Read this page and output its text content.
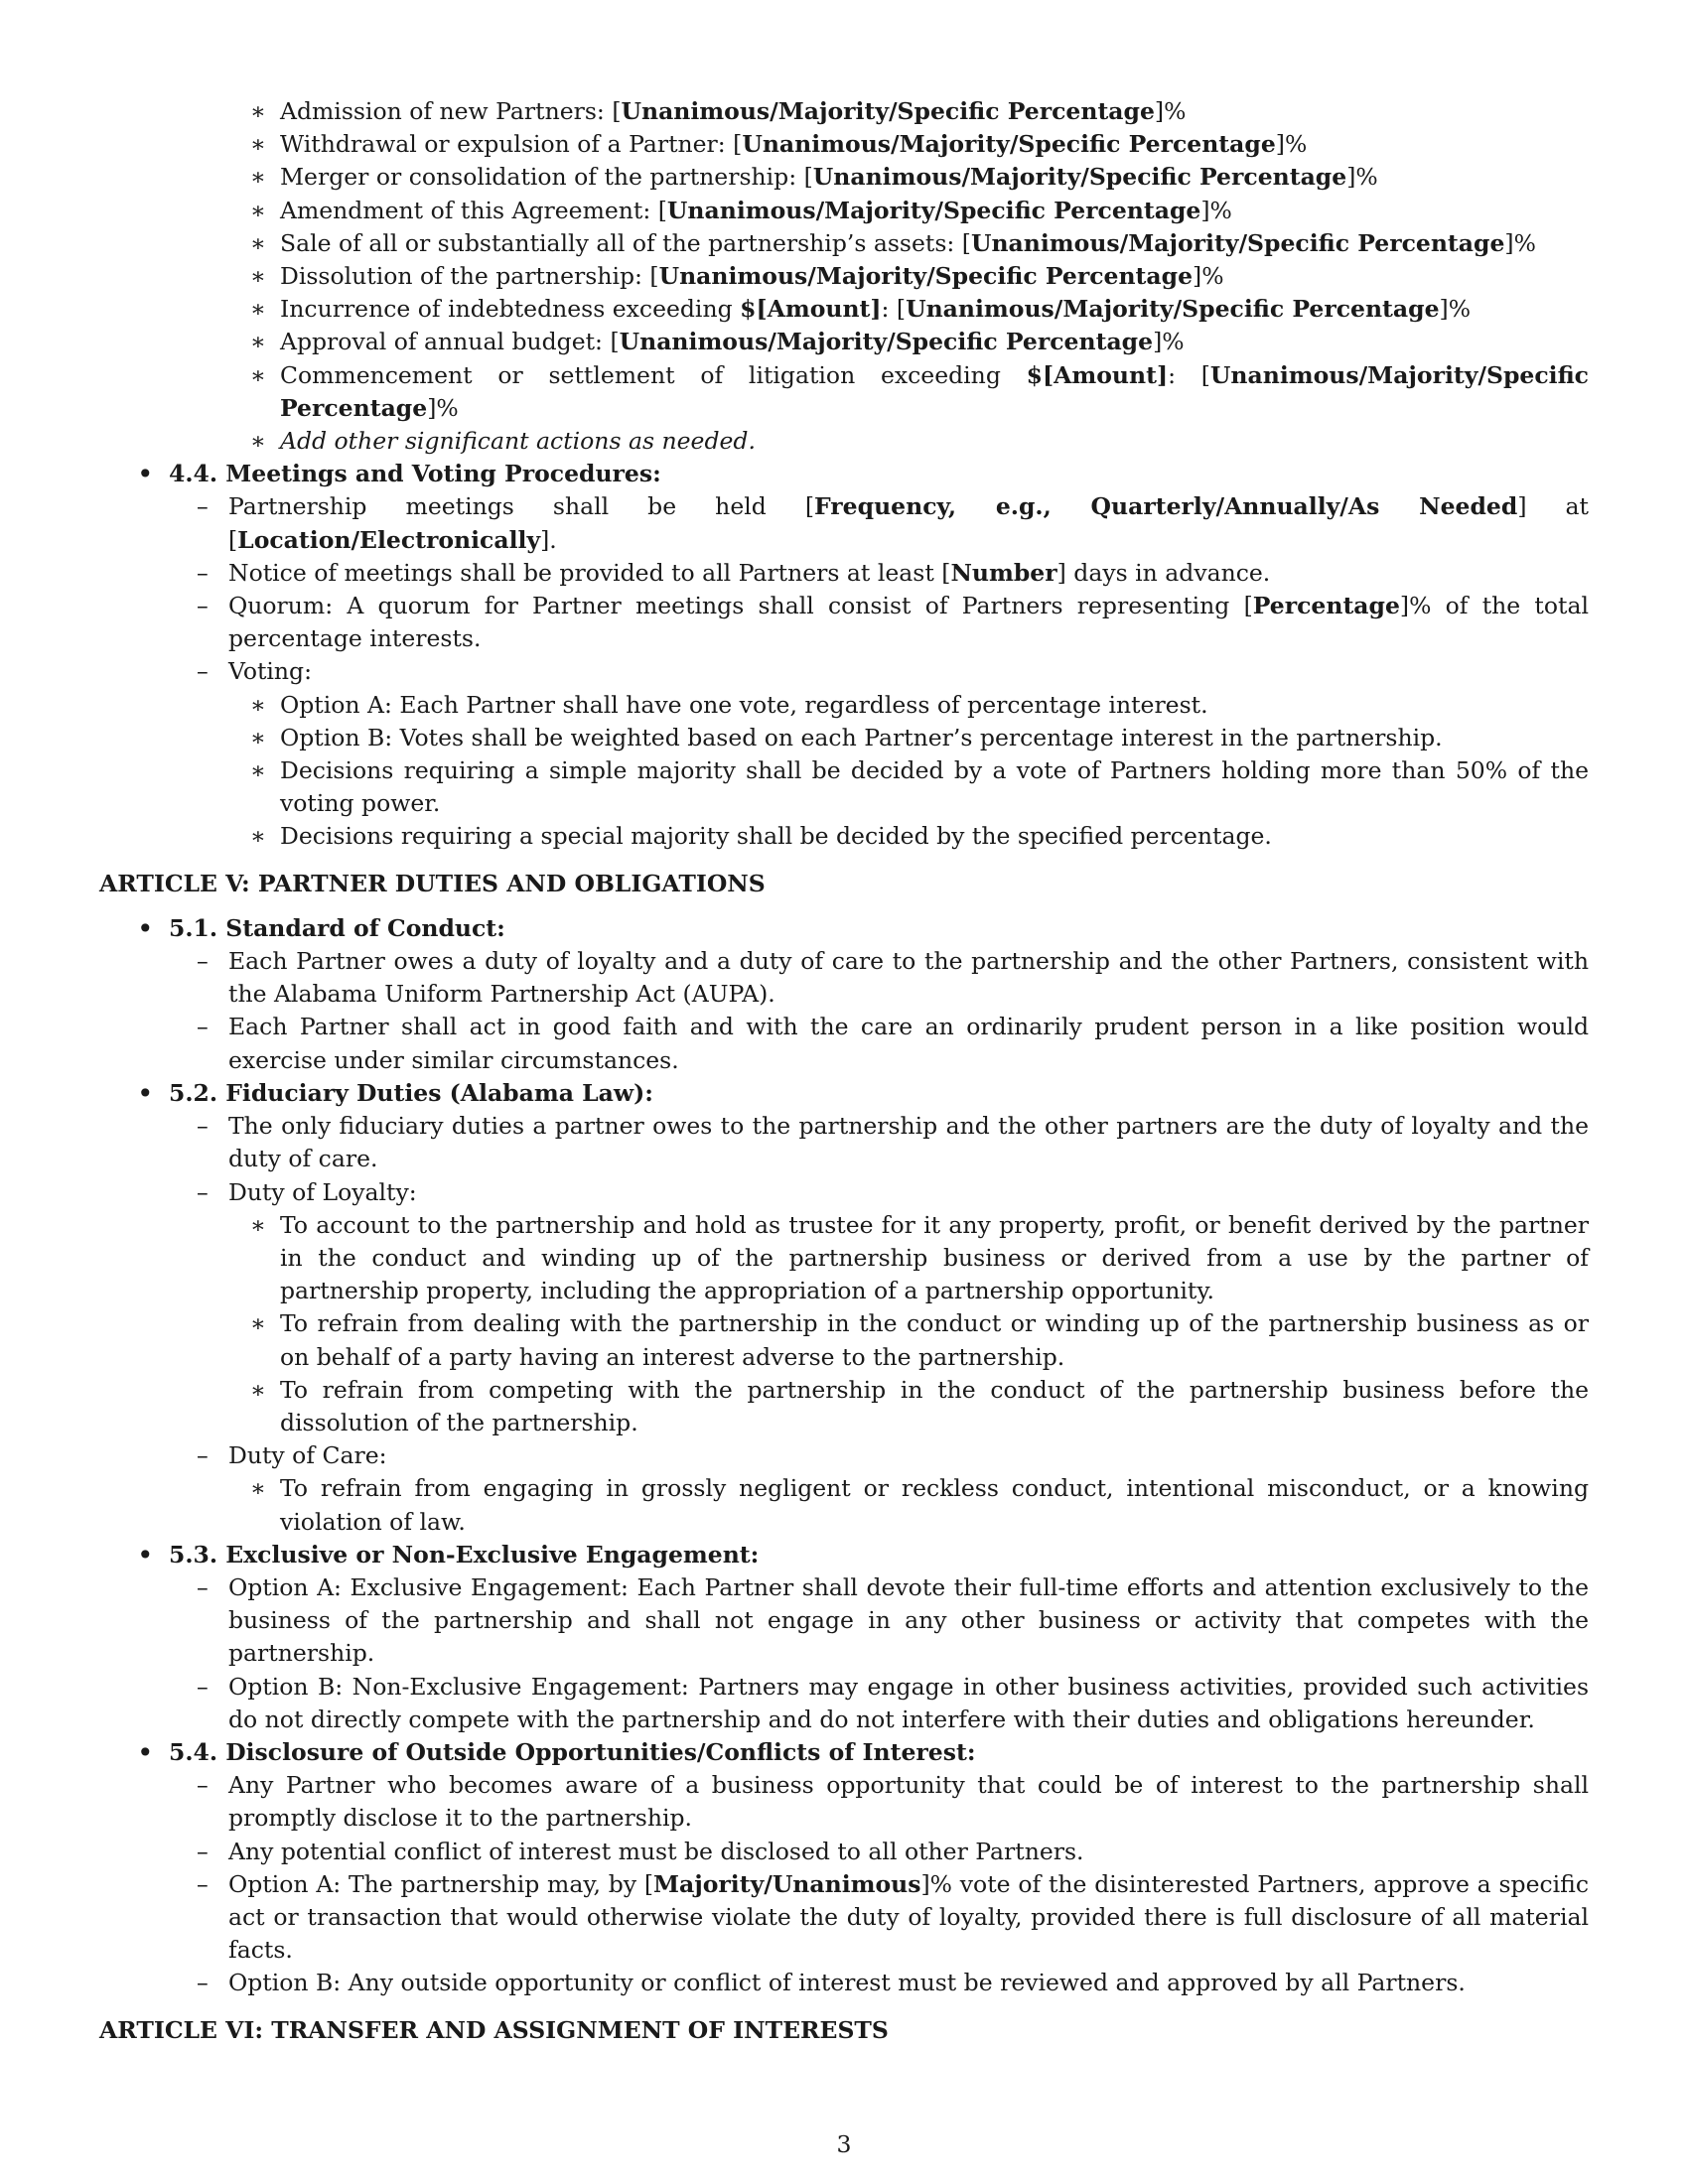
∗ Admission of new Partners: [Unanimous/Majority/Specific Percentage]%
∗ Withdrawal or expulsion of a Partner: [Unanimous/Majority/Specific Percentage]%
∗ Merger or consolidation of the partnership: [Unanimous/Majority/Specific Percentage]%
∗ Amendment of this Agreement: [Unanimous/Majority/Specific Percentage]%
∗ Sale of all or substantially all of the partnership’s assets: [Unanimous/Majority/Specific Percentage]%
∗ Dissolution of the partnership: [Unanimous/Majority/Specific Percentage]%
∗ Incurrence of indebtedness exceeding $[Amount]: [Unanimous/Majority/Specific Percentage]%
∗ Approval of annual budget: [Unanimous/Majority/Specific Percentage]%
∗ Commencement or settlement of litigation exceeding $[Amount]: [Unanimous/Majority/Specific Percentage]%
∗ Add other significant actions as needed.
• 4.4. Meetings and Voting Procedures:
– Partnership meetings shall be held [Frequency, e.g., Quarterly/Annually/As Needed] at [Location/Electronically].
– Notice of meetings shall be provided to all Partners at least [Number] days in advance.
– Quorum: A quorum for Partner meetings shall consist of Partners representing [Percentage]% of the total percentage interests.
– Voting:
∗ Option A: Each Partner shall have one vote, regardless of percentage interest.
∗ Option B: Votes shall be weighted based on each Partner’s percentage interest in the partnership.
∗ Decisions requiring a simple majority shall be decided by a vote of Partners holding more than 50% of the voting power.
∗ Decisions requiring a special majority shall be decided by the specified percentage.
ARTICLE V: PARTNER DUTIES AND OBLIGATIONS
• 5.1. Standard of Conduct:
– Each Partner owes a duty of loyalty and a duty of care to the partnership and the other Partners, consistent with the Alabama Uniform Partnership Act (AUPA).
– Each Partner shall act in good faith and with the care an ordinarily prudent person in a like position would exercise under similar circumstances.
• 5.2. Fiduciary Duties (Alabama Law):
– The only fiduciary duties a partner owes to the partnership and the other partners are the duty of loyalty and the duty of care.
– Duty of Loyalty:
∗ To account to the partnership and hold as trustee for it any property, profit, or benefit derived by the partner in the conduct and winding up of the partnership business or derived from a use by the partner of partnership property, including the appropriation of a partnership opportunity.
∗ To refrain from dealing with the partnership in the conduct or winding up of the partnership business as or on behalf of a party having an interest adverse to the partnership.
∗ To refrain from competing with the partnership in the conduct of the partnership business before the dissolution of the partnership.
– Duty of Care:
∗ To refrain from engaging in grossly negligent or reckless conduct, intentional misconduct, or a knowing violation of law.
• 5.3. Exclusive or Non-Exclusive Engagement:
– Option A: Exclusive Engagement: Each Partner shall devote their full-time efforts and attention exclusively to the business of the partnership and shall not engage in any other business or activity that competes with the partnership.
– Option B: Non-Exclusive Engagement: Partners may engage in other business activities, provided such activities do not directly compete with the partnership and do not interfere with their duties and obligations hereunder.
• 5.4. Disclosure of Outside Opportunities/Conflicts of Interest:
– Any Partner who becomes aware of a business opportunity that could be of interest to the partnership shall promptly disclose it to the partnership.
– Any potential conflict of interest must be disclosed to all other Partners.
– Option A: The partnership may, by [Majority/Unanimous]% vote of the disinterested Partners, approve a specific act or transaction that would otherwise violate the duty of loyalty, provided there is full disclosure of all material facts.
– Option B: Any outside opportunity or conflict of interest must be reviewed and approved by all Partners.
ARTICLE VI: TRANSFER AND ASSIGNMENT OF INTERESTS
3
